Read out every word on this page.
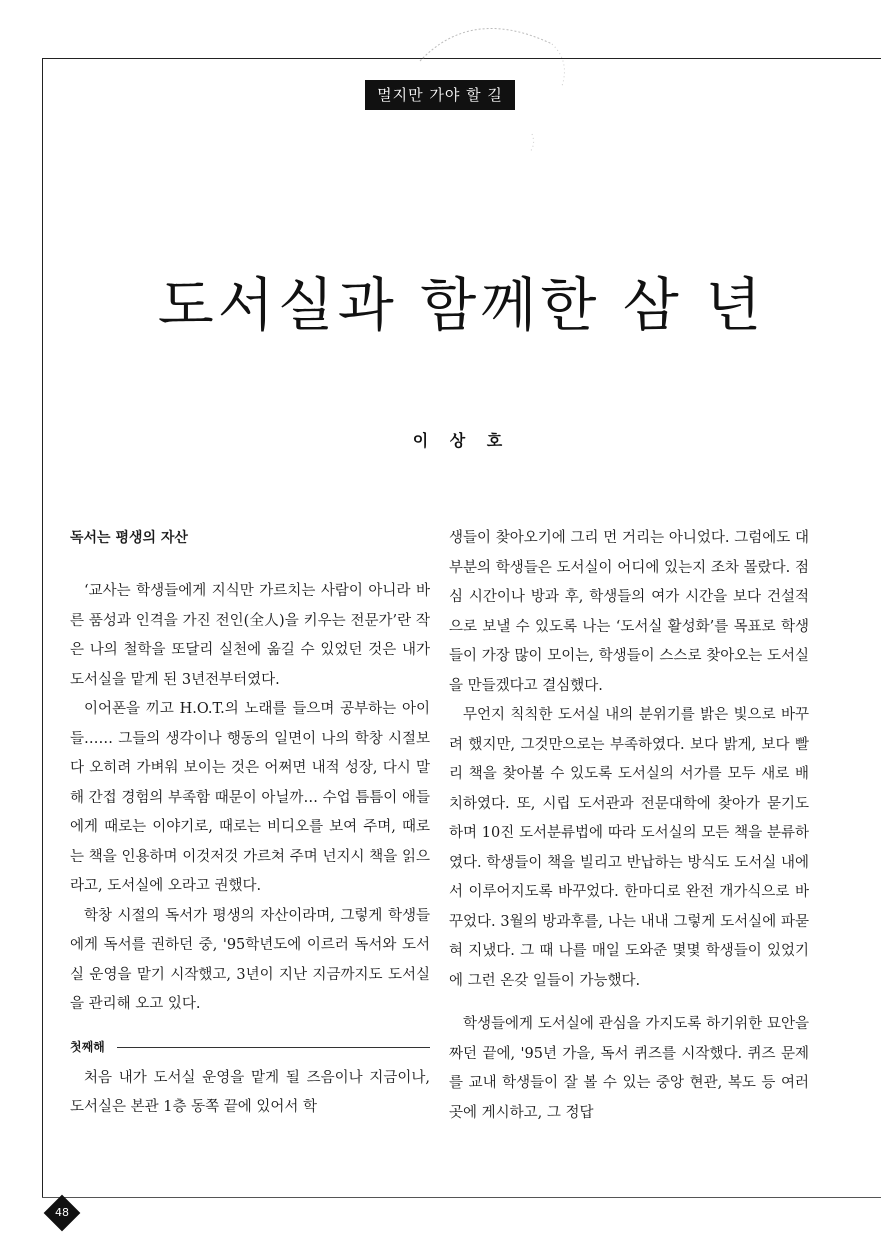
멀지만 가야 할 길
도서실과 함께한 삼 년
이 상 호
독서는 평생의 자산

‘교사는 학생들에게 지식만 가르치는 사람이 아니라 바른 품성과 인격을 가진 전인(全人)을 키우는 전문가’란 작은 나의 철학을 또달리 실천에 옮길 수 있었던 것은 내가 도서실을 맡게 된 3년전부터였다.

이어폰을 끼고 H.O.T.의 노래를 들으며 공부하는 아이들…… 그들의 생각이나 행동의 일면이 나의 학창 시절보다 오히려 가벼워 보이는 것은 어쩌면 내적 성장, 다시 말해 간접 경험의 부족함 때문이 아닐까… 수업 틈틈이 애들에게 때로는 이야기로, 때로는 비디오를 보여 주며, 때로는 책을 인용하며 이것저것 가르쳐 주며 넌지시 책을 읽으라고, 도서실에 오라고 권했다.

학창 시절의 독서가 평생의 자산이라며, 그렇게 학생들에게 독서를 권하던 중, '95학년도에 이르러 독서와 도서실 운영을 맡기 시작했고, 3년이 지난 지금까지도 도서실을 관리해 오고 있다.

첫째해

처음 내가 도서실 운영을 맡게 될 즈음이나 지금이나, 도서실은 본관 1층 동쪽 끝에 있어서 학

생들이 찾아오기에 그리 먼 거리는 아니었다. 그럼에도 대부분의 학생들은 도서실이 어디에 있는지 조차 몰랐다. 점심 시간이나 방과 후, 학생들의 여가 시간을 보다 건설적으로 보낼 수 있도록 나는 ‘도서실 활성화’를 목표로 학생들이 가장 많이 모이는, 학생들이 스스로 찾아오는 도서실을 만들겠다고 결심했다.

무언지 칙칙한 도서실 내의 분위기를 밝은 빛으로 바꾸려 했지만, 그것만으로는 부족하였다. 보다 밝게, 보다 빨리 책을 찾아볼 수 있도록 도서실의 서가를 모두 새로 배치하였다. 또, 시립 도서관과 전문대학에 찾아가 묻기도 하며 10진 도서분류법에 따라 도서실의 모든 책을 분류하였다. 학생들이 책을 빌리고 반납하는 방식도 도서실 내에서 이루어지도록 바꾸었다. 한마디로 완전 개가식으로 바꾸었다. 3월의 방과후를, 나는 내내 그렇게 도서실에 파묻혀 지냈다. 그 때 나를 매일 도와준 몇몇 학생들이 있었기에 그런 온갖 일들이 가능했다.

학생들에게 도서실에 관심을 가지도록 하기위한 묘안을 짜던 끝에, '95년 가을, 독서 퀴즈를 시작했다. 퀴즈 문제를 교내 학생들이 잘 볼 수 있는 중앙 현관, 복도 등 여러 곳에 게시하고, 그 정답

48
